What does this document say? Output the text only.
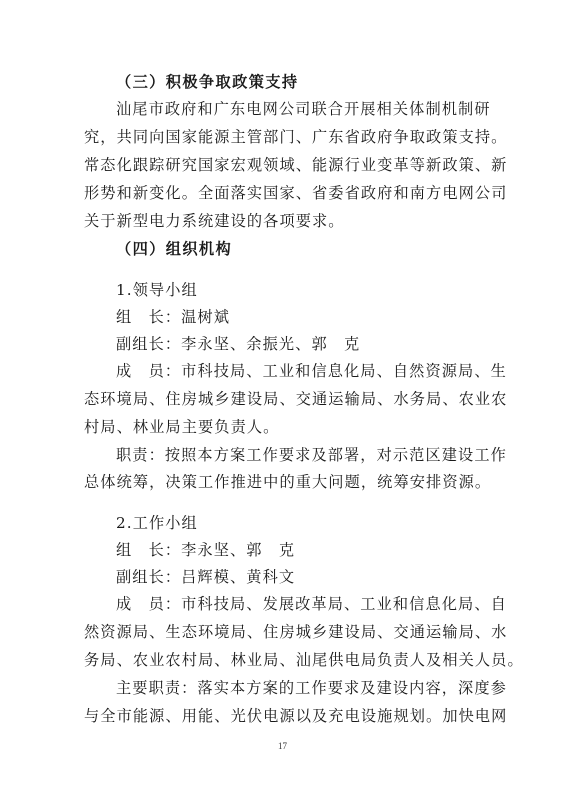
（三）积极争取政策支持
汕尾市政府和广东电网公司联合开展相关体制机制研
究，共同向国家能源主管部门、广东省政府争取政策支持。
常态化跟踪研究国家宏观领域、能源行业变革等新政策、新
形势和新变化。全面落实国家、省委省政府和南方电网公司
关于新型电力系统建设的各项要求。
（四）组织机构
1.领导小组
组　长：温树斌
副组长：李永坚、余振光、郭　克
成　员：市科技局、工业和信息化局、自然资源局、生
态环境局、住房城乡建设局、交通运输局、水务局、农业农
村局、林业局主要负责人。
职责：按照本方案工作要求及部署，对示范区建设工作
总体统筹，决策工作推进中的重大问题，统筹安排资源。
2.工作小组
组　长：李永坚、郭　克
副组长：吕辉模、黄科文
成　员：市科技局、发展改革局、工业和信息化局、自
17
然资源局、生态环境局、住房城乡建设局、交通运输局、水
务局、农业农村局、林业局、汕尾供电局负责人及相关人员。
主要职责：落实本方案的工作要求及建设内容，深度参
与全市能源、用能、光伏电源以及充电设施规划。加快电网
